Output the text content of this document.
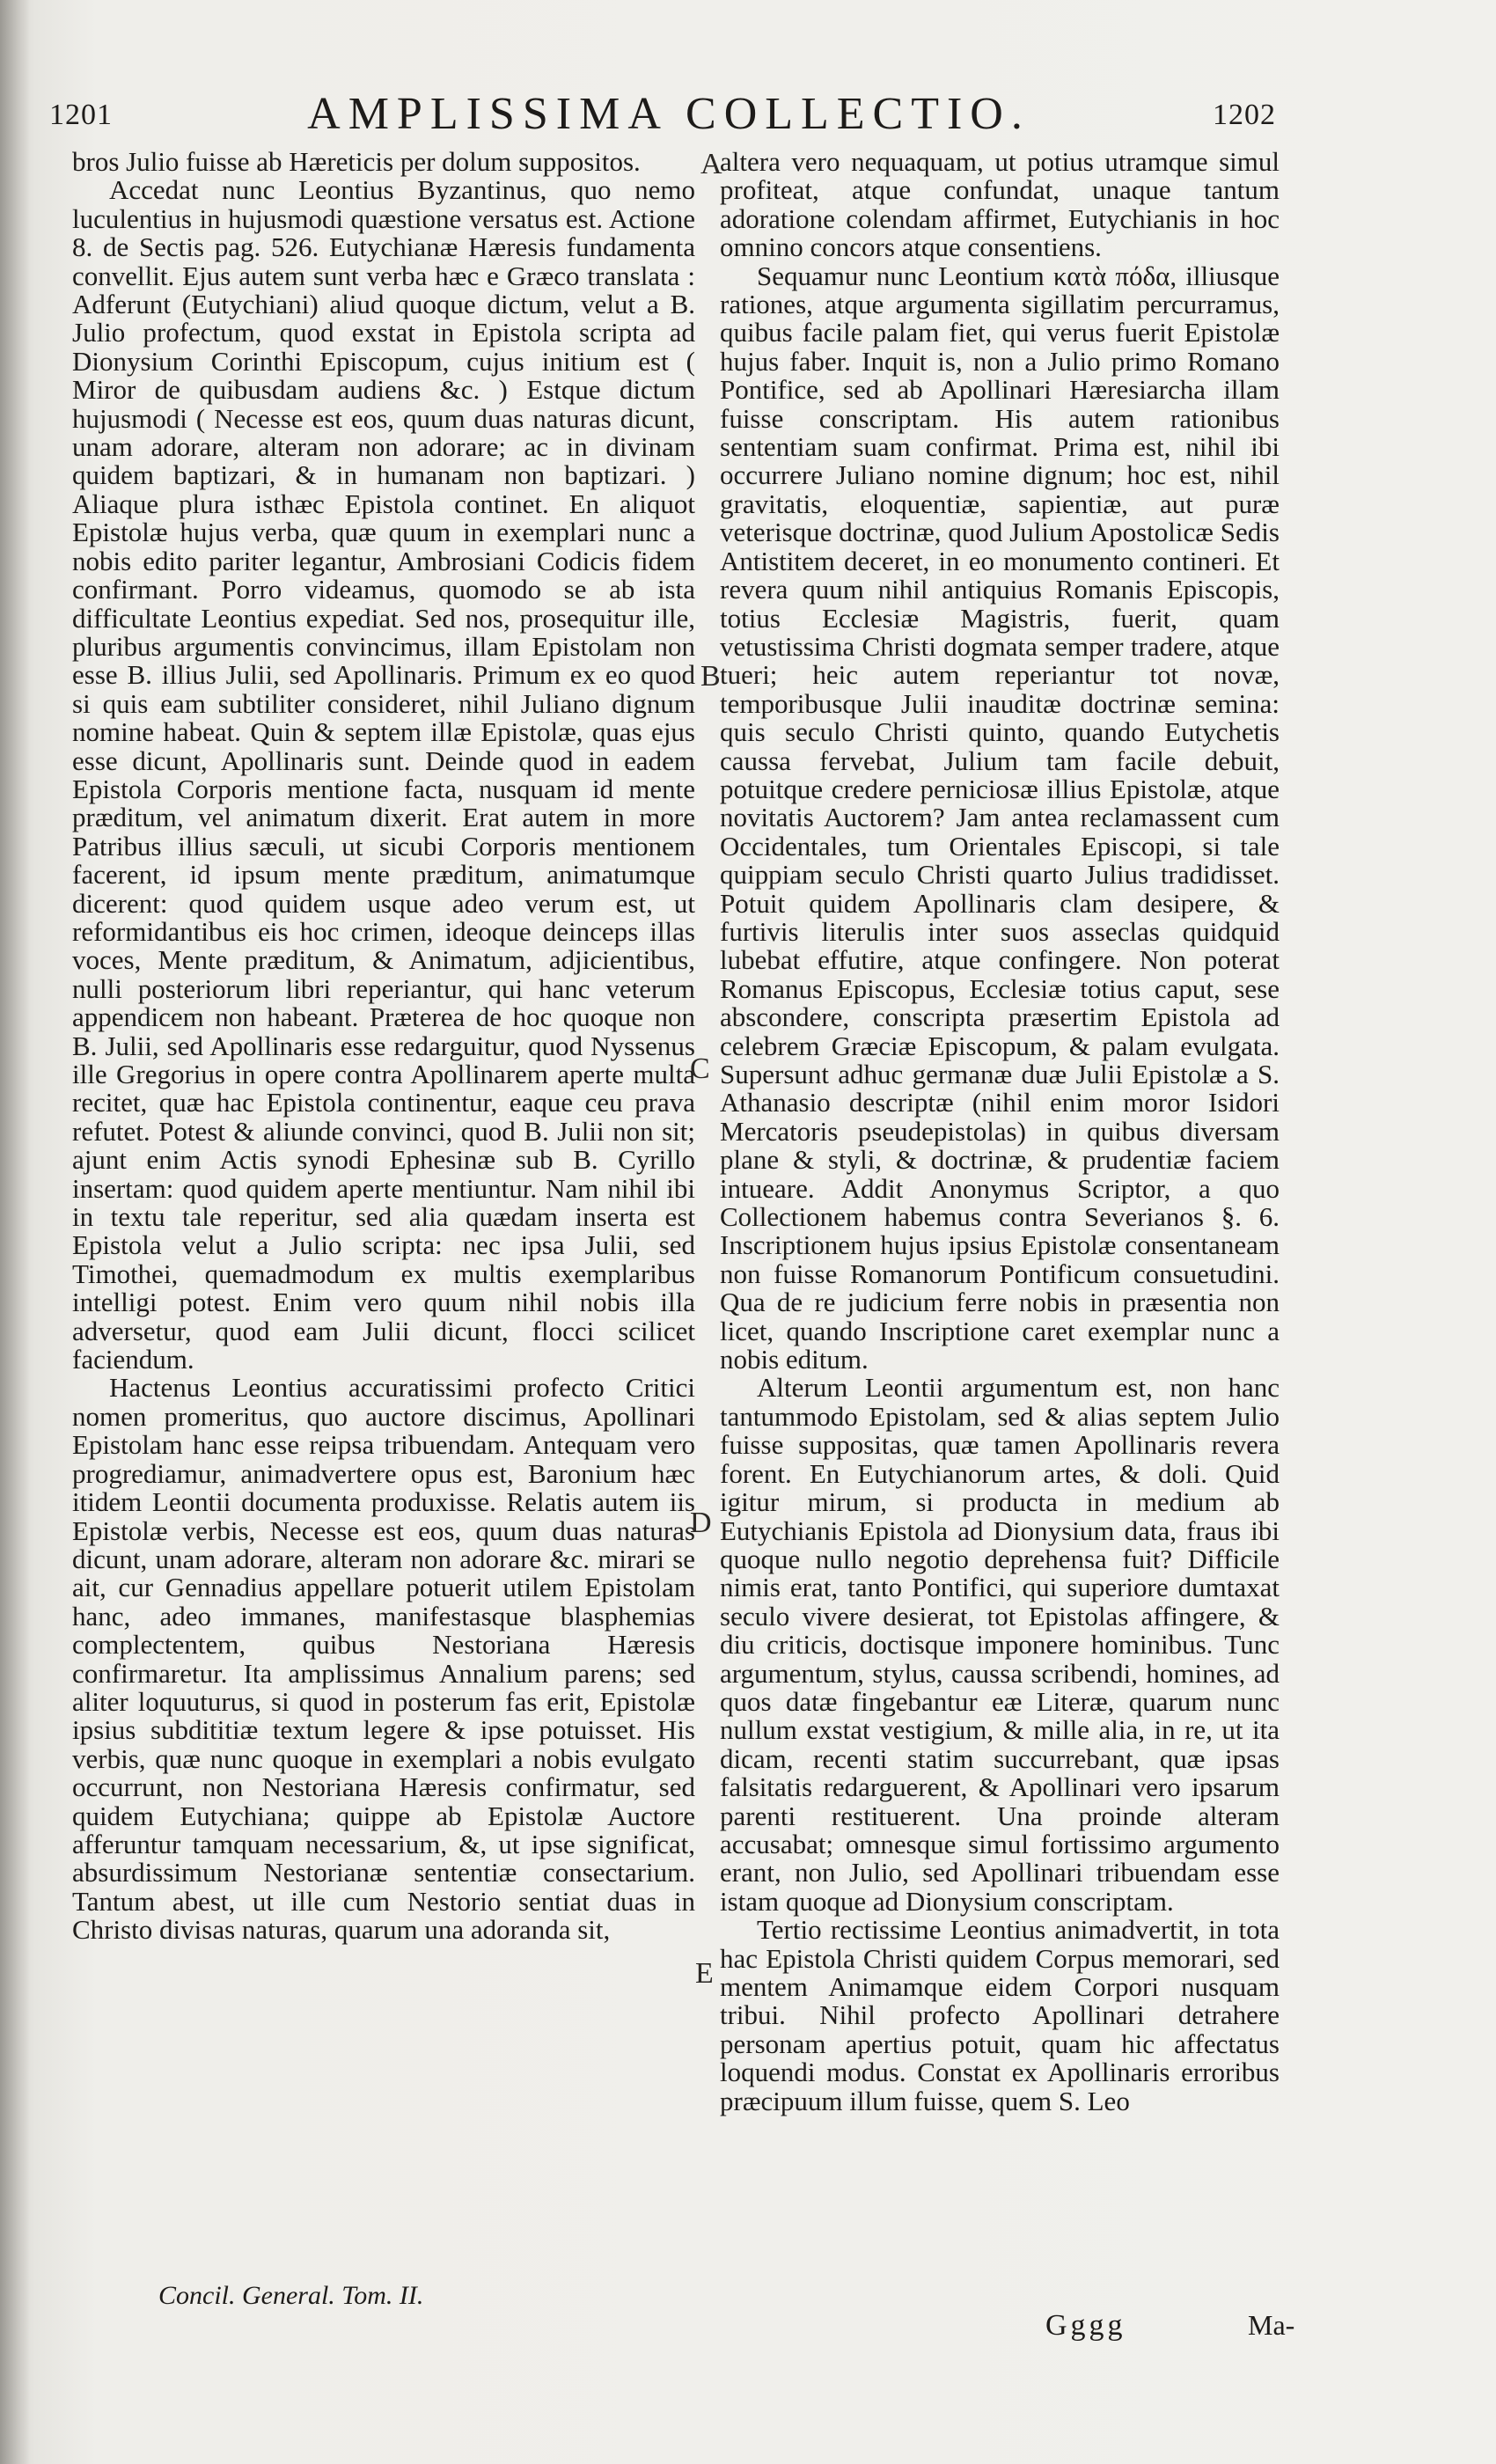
1201	AMPLISSIMA COLLECTIO.	1202

bros Julio fuisse ab Hæreticis per dolum suppositos.

Accedat nunc Leontius Byzantinus, quo nemo luculentius in hujusmodi quæstione versatus est. Actione 8. de Sectis pag. 526. Eutychianæ Hæresis fundamenta convellit. Ejus autem sunt verba hæc e Græco translata : Adferunt (Eutychiani) aliud quoque dictum, velut a B. Julio profectum, quod exstat in Epistola scripta ad Dionysium Corinthi Episcopum, cujus initium est ( Miror de quibusdam audiens &c. ) Estque dictum hujusmodi ( Necesse est eos, quum duas naturas dicunt, unam adorare, alteram non adorare; ac in divinam quidem baptizari, & in humanam non baptizari. ) Aliaque plura isthæc Epistola continet. En aliquot Epistolæ hujus verba, quæ quum in exemplari nunc a nobis edito pariter legantur, Ambrosiani Codicis fidem confirmant. Porro videamus, quomodo se ab ista difficultate Leontius expediat. Sed nos, prosequitur ille, pluribus argumentis convincimus, illam Epistolam non esse B. illius Julii, sed Apollinaris. Primum ex eo quod si quis eam subtiliter consideret, nihil Juliano dignum nomine habeat. Quin & septem illæ Epistolæ, quas ejus esse dicunt, Apollinaris sunt. Deinde quod in eadem Epistola Corporis mentione facta, nusquam id mente præditum, vel animatum dixerit. Erat autem in more Patribus illius sæculi, ut sicubi Corporis mentionem facerent, id ipsum mente præditum, animatumque dicerent: quod quidem usque adeo verum est, ut reformidantibus eis hoc crimen, ideoque deinceps illas voces, Mente præditum, & Animatum, adjicientibus, nulli posteriorum libri reperiantur, qui hanc veterum appendicem non habeant. Præterea de hoc quoque non B. Julii, sed Apollinaris esse redarguitur, quod Nyssenus ille Gregorius in opere contra Apollinarem aperte multa recitet, quæ hac Epistola continentur, eaque ceu prava refutet. Potest & aliunde convinci, quod B. Julii non sit; ajunt enim Actis synodi Ephesinæ sub B. Cyrillo insertam: quod quidem aperte mentiuntur. Nam nihil ibi in textu tale reperitur, sed alia quædam inserta est Epistola velut a Julio scripta: nec ipsa Julii, sed Timothei, quemadmodum ex multis exemplaribus intelligi potest. Enim vero quum nihil nobis illa adversetur, quod eam Julii dicunt, flocci scilicet faciendum.

Hactenus Leontius accuratissimi profecto Critici nomen promeritus, quo auctore discimus, Apollinari Epistolam hanc esse reipsa tribuendam. Antequam vero progrediamur, animadvertere opus est, Baronium hæc itidem Leontii documenta produxisse. Relatis autem iis Epistolæ verbis, Necesse est eos, quum duas naturas dicunt, unam adorare, alteram non adorare &c. mirari se ait, cur Gennadius appellare potuerit utilem Epistolam hanc, adeo immanes, manifestasque blasphemias complectentem, quibus Nestoriana Hæresis confirmaretur. Ita amplissimus Annalium parens; sed aliter loquuturus, si quod in posterum fas erit, Epistolæ ipsius subdititiæ textum legere & ipse potuisset. His verbis, quæ nunc quoque in exemplari a nobis evulgato occurrunt, non Nestoriana Hæresis confirmatur, sed quidem Eutychiana; quippe ab Epistolæ Auctore afferuntur tamquam necessarium, &, ut ipse significat, absurdissimum Nestorianæ sententiæ consectarium. Tantum abest, ut ille cum Nestorio sentiat duas in Christo divisas naturas, quarum una adoranda sit,

A
B
C
D
E

altera vero nequaquam, ut potius utramque simul profiteat, atque confundat, unaque tantum adoratione colendam affirmet, Eutychianis in hoc omnino concors atque consentiens.

Sequamur nunc Leontium κατὰ πόδα, illiusque rationes, atque argumenta sigillatim percurramus, quibus facile palam fiet, qui verus fuerit Epistolæ hujus faber. Inquit is, non a Julio primo Romano Pontifice, sed ab Apollinari Hæresiarcha illam fuisse conscriptam. His autem rationibus sententiam suam confirmat. Prima est, nihil ibi occurrere Juliano nomine dignum; hoc est, nihil gravitatis, eloquentiæ, sapientiæ, aut puræ veterisque doctrinæ, quod Julium Apostolicæ Sedis Antistitem deceret, in eo monumento contineri. Et revera quum nihil antiquius Romanis Episcopis, totius Ecclesiæ Magistris, fuerit, quam vetustissima Christi dogmata semper tradere, atque tueri; heic autem reperiantur tot novæ, temporibusque Julii inauditæ doctrinæ semina: quis seculo Christi quinto, quando Eutychetis caussa fervebat, Julium tam facile debuit, potuitque credere perniciosæ illius Epistolæ, atque novitatis Auctorem? Jam antea reclamassent cum Occidentales, tum Orientales Episcopi, si tale quippiam seculo Christi quarto Julius tradidisset. Potuit quidem Apollinaris clam desipere, & furtivis literulis inter suos asseclas quidquid lubebat effutire, atque confingere. Non poterat Romanus Episcopus, Ecclesiæ totius caput, sese abscondere, conscripta præsertim Epistola ad celebrem Græciæ Episcopum, & palam evulgata. Supersunt adhuc germanæ duæ Julii Epistolæ a S. Athanasio descriptæ (nihil enim moror Isidori Mercatoris pseudepistolas) in quibus diversam plane & styli, & doctrinæ, & prudentiæ faciem intueare. Addit Anonymus Scriptor, a quo Collectionem habemus contra Severianos §. 6. Inscriptionem hujus ipsius Epistolæ consentaneam non fuisse Romanorum Pontificum consuetudini. Qua de re judicium ferre nobis in præsentia non licet, quando Inscriptione caret exemplar nunc a nobis editum.

Alterum Leontii argumentum est, non hanc tantummodo Epistolam, sed & alias septem Julio fuisse suppositas, quæ tamen Apollinaris revera forent. En Eutychianorum artes, & doli. Quid igitur mirum, si producta in medium ab Eutychianis Epistola ad Dionysium data, fraus ibi quoque nullo negotio deprehensa fuit? Difficile nimis erat, tanto Pontifici, qui superiore dumtaxat seculo vivere desierat, tot Epistolas affingere, & diu criticis, doctisque imponere hominibus. Tunc argumentum, stylus, caussa scribendi, homines, ad quos datæ fingebantur eæ Literæ, quarum nunc nullum exstat vestigium, & mille alia, in re, ut ita dicam, recenti statim succurrebant, quæ ipsas falsitatis redarguerent, & Apollinari vero ipsarum parenti restituerent. Una proinde alteram accusabat; omnesque simul fortissimo argumento erant, non Julio, sed Apollinari tribuendam esse istam quoque ad Dionysium conscriptam.

Tertio rectissime Leontius animadvertit, in tota hac Epistola Christi quidem Corpus memorari, sed mentem Animamque eidem Corpori nusquam tribui. Nihil profecto Apollinari detrahere personam apertius potuit, quam hic affectatus loquendi modus. Constat ex Apollinaris erroribus præcipuum illum fuisse, quem S. Leo

Concil. General. Tom. II.
Gggg	Ma-
